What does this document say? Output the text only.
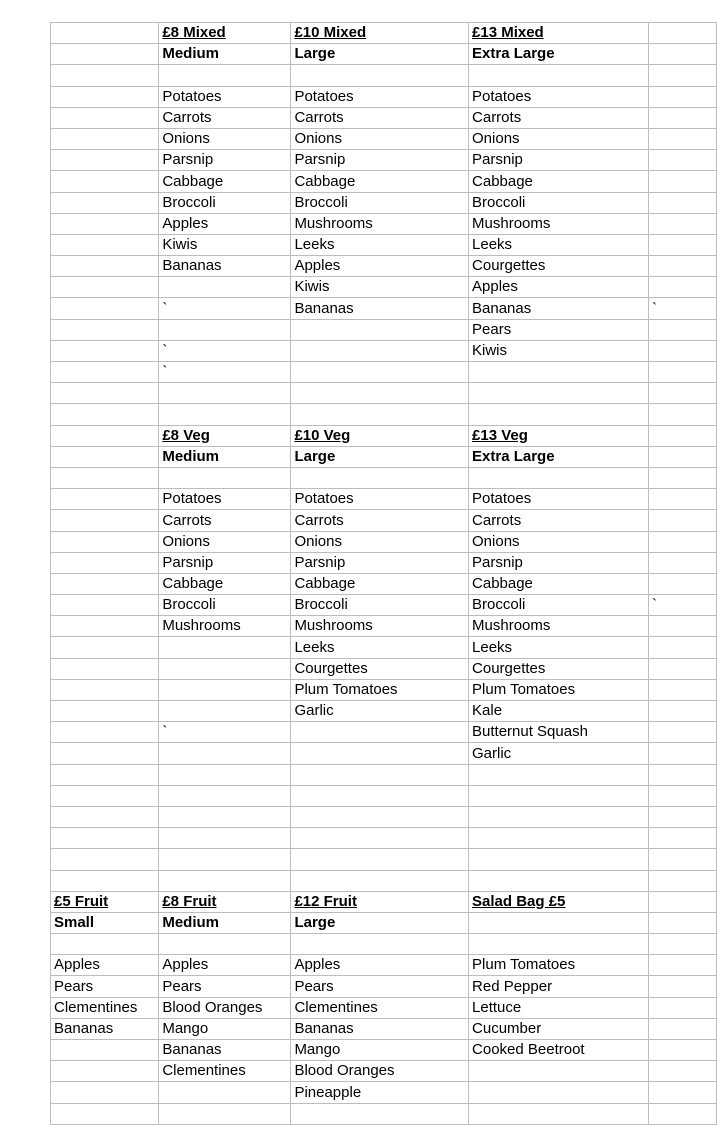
	£8 Mixed	£10 Mixed	£13 Mixed	
	Medium	Large	Extra Large	

	Potatoes	Potatoes	Potatoes	
	Carrots	Carrots	Carrots	
	Onions	Onions	Onions	
	Parsnip	Parsnip	Parsnip	
	Cabbage	Cabbage	Cabbage	
	Broccoli	Broccoli	Broccoli	
	Apples	Mushrooms	Mushrooms	
	Kiwis	Leeks	Leeks	
	Bananas	Apples	Courgettes	
		Kiwis	Apples	
	`	Bananas	Bananas	`
			Pears	
	`		Kiwis	
	`			

	£8 Veg	£10 Veg	£13 Veg	
	Medium	Large	Extra Large	

	Potatoes	Potatoes	Potatoes	
	Carrots	Carrots	Carrots	
	Onions	Onions	Onions	
	Parsnip	Parsnip	Parsnip	
	Cabbage	Cabbage	Cabbage	
	Broccoli	Broccoli	Broccoli	`
	Mushrooms	Mushrooms	Mushrooms	
		Leeks	Leeks	
		Courgettes	Courgettes	
		Plum Tomatoes	Plum Tomatoes	
		Garlic	Kale	
	`		Butternut Squash	
			Garlic	

£5 Fruit	£8 Fruit	£12 Fruit	Salad Bag £5	
Small	Medium	Large		

Apples	Apples	Apples	Plum Tomatoes	
Pears	Pears	Pears	Red Pepper	
Clementines	Blood Oranges	Clementines	Lettuce	
Bananas	Mango	Bananas	Cucumber	
	Bananas	Mango	Cooked Beetroot	
	Clementines	Blood Oranges		
		Pineapple		
